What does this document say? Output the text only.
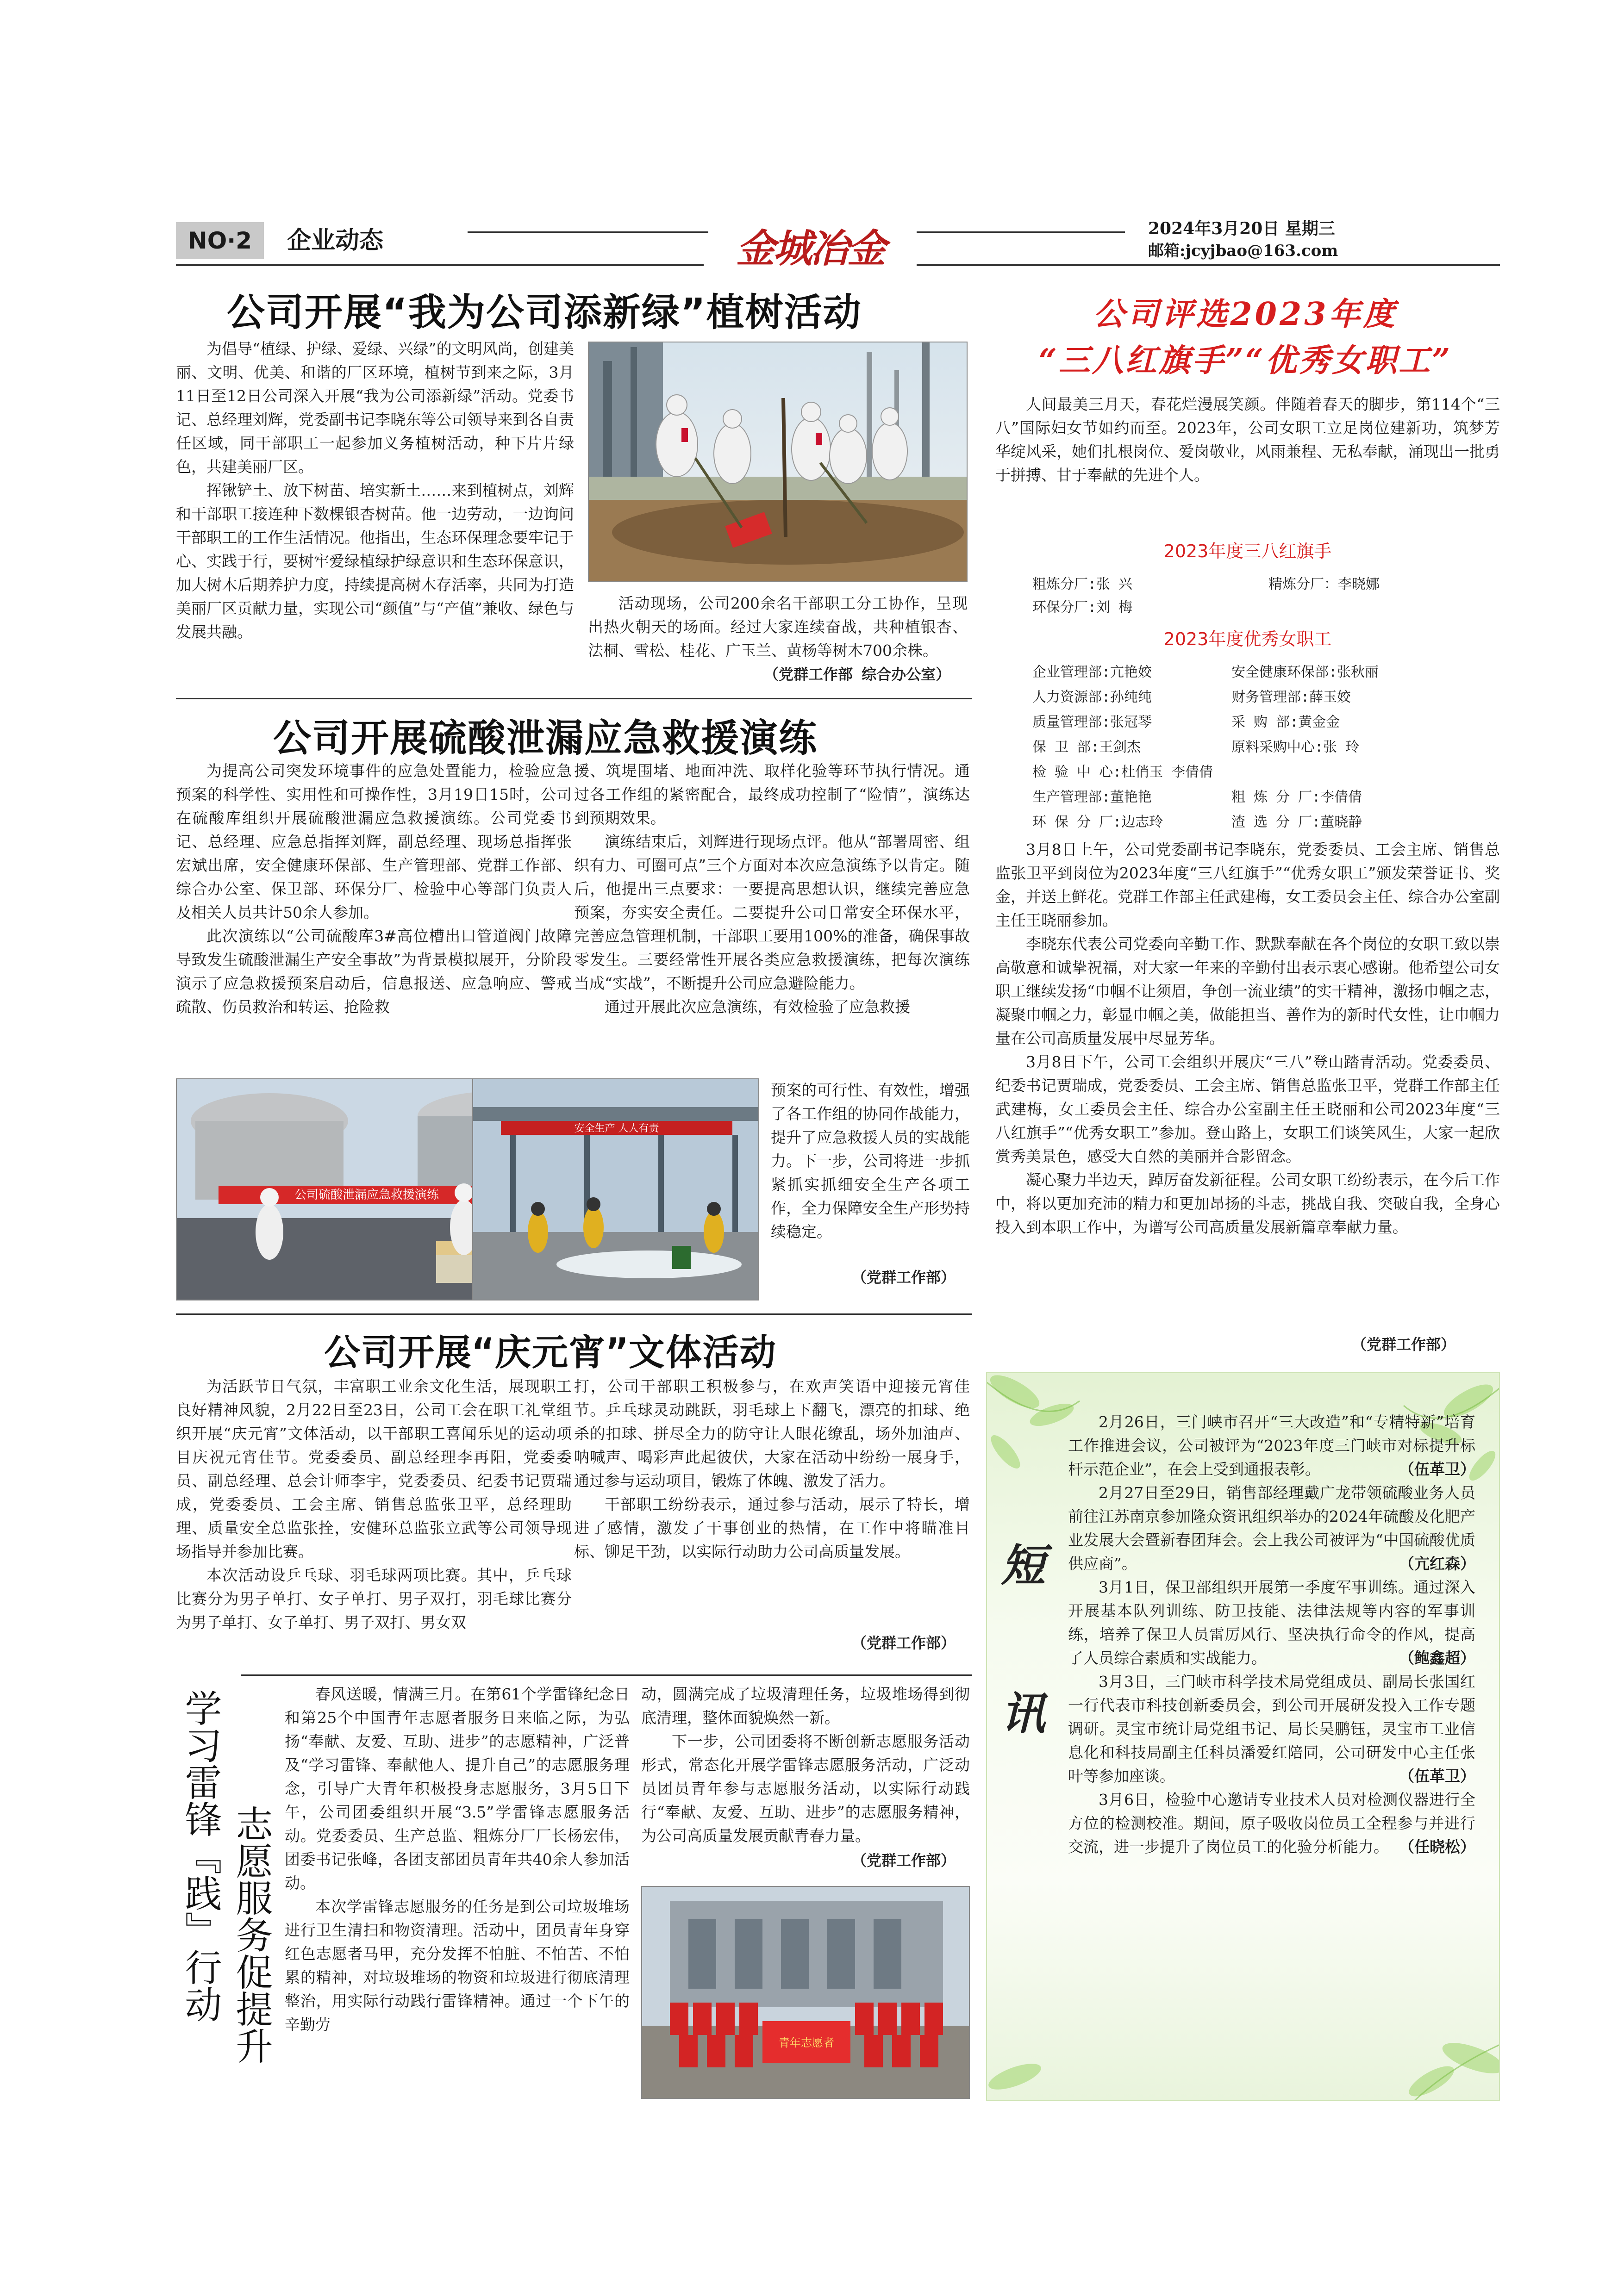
NO·2	企业动态	金城冶金	2024年3月20日 星期三
邮箱:jcyjbao@163.com
公司开展“我为公司添新绿”植树活动

为倡导“植绿、护绿、爱绿、兴绿”的文明风尚，创建美丽、文明、优美、和谐的厂区环境，植树节到来之际，3月11日至12日公司深入开展“我为公司添新绿”活动。党委书记、总经理刘辉，党委副书记李晓东等公司领导来到各自责任区域，同干部职工一起参加义务植树活动，种下片片绿色，共建美丽厂区。

挥锹铲土、放下树苗、培实新土……来到植树点，刘辉和干部职工接连种下数棵银杏树苗。他一边劳动，一边询问干部职工的工作生活情况。他指出，生态环保理念要牢记于心、实践于行，要树牢爱绿植绿护绿意识和生态环保意识，加大树木后期养护力度，持续提高树木存活率，共同为打造美丽厂区贡献力量，实现公司“颜值”与“产值”兼收、绿色与发展共融。

活动现场，公司200余名干部职工分工协作，呈现出热火朝天的场面。经过大家连续奋战，共种植银杏、法桐、雪松、桂花、广玉兰、黄杨等树木700余株。

（党群工作部 综合办公室）
公司开展硫酸泄漏应急救援演练

为提高公司突发环境事件的应急处置能力，检验应急预案的科学性、实用性和可操作性，3月19日15时，公司在硫酸库组织开展硫酸泄漏应急救援演练。公司党委书记、总经理、应急总指挥刘辉，副总经理、现场总指挥张宏斌出席，安全健康环保部、生产管理部、党群工作部、综合办公室、保卫部、环保分厂、检验中心等部门负责人及相关人员共计50余人参加。

此次演练以“公司硫酸库3#高位槽出口管道阀门故障导致发生硫酸泄漏生产安全事故”为背景模拟展开，分阶段演示了应急救援预案启动后，信息报送、应急响应、警戒疏散、伤员救治和转运、抢险救

援、筑堤围堵、地面冲洗、取样化验等环节执行情况。通过各工作组的紧密配合，最终成功控制了“险情”，演练达到预期效果。

演练结束后，刘辉进行现场点评。他从“部署周密、组织有力、可圈可点”三个方面对本次应急演练予以肯定。随后，他提出三点要求：一要提高思想认识，继续完善应急预案，夯实安全责任。二要提升公司日常安全环保水平，完善应急管理机制，干部职工要用100%的准备，确保事故零发生。三要经常性开展各类应急救援演练，把每次演练当成“实战”，不断提升公司应急避险能力。

通过开展此次应急演练，有效检验了应急救援

公司硫酸泄漏应急救援演练
安全生产 人人有责

预案的可行性、有效性，增强了各工作组的协同作战能力，提升了应急救援人员的实战能力。下一步，公司将进一步抓紧抓实抓细安全生产各项工作，全力保障安全生产形势持续稳定。

（党群工作部）
公司开展“庆元宵”文体活动

为活跃节日气氛，丰富职工业余文化生活，展现职工良好精神风貌，2月22日至23日，公司工会在职工礼堂组织开展“庆元宵”文体活动，以干部职工喜闻乐见的运动项目庆祝元宵佳节。党委委员、副总经理李再阳，党委委员、副总经理、总会计师李宇，党委委员、纪委书记贾瑞成，党委委员、工会主席、销售总监张卫平，总经理助理、质量安全总监张拴，安健环总监张立武等公司领导现场指导并参加比赛。

本次活动设乒乓球、羽毛球两项比赛。其中，乒乓球比赛分为男子单打、女子单打、男子双打，羽毛球比赛分为男子单打、女子单打、男子双打、男女双

打，公司干部职工积极参与，在欢声笑语中迎接元宵佳节。乒乓球灵动跳跃，羽毛球上下翻飞，漂亮的扣球、绝杀的扣球、拼尽全力的防守让人眼花缭乱，场外加油声、呐喊声、喝彩声此起彼伏，大家在活动中纷纷一展身手，通过参与运动项目，锻炼了体魄、激发了活力。

干部职工纷纷表示，通过参与活动，展示了特长，增进了感情，激发了干事创业的热情，在工作中将瞄准目标、铆足干劲，以实际行动助力公司高质量发展。

（党群工作部）
学习雷锋『践』行动 志愿服务促提升

春风送暖，情满三月。在第61个学雷锋纪念日和第25个中国青年志愿者服务日来临之际，为弘扬“奉献、友爱、互助、进步”的志愿精神，广泛普及“学习雷锋、奉献他人、提升自己”的志愿服务理念，引导广大青年积极投身志愿服务，3月5日下午，公司团委组织开展“3.5”学雷锋志愿服务活动。党委委员、生产总监、粗炼分厂厂长杨宏伟，团委书记张峰，各团支部团员青年共40余人参加活动。

本次学雷锋志愿服务的任务是到公司垃圾堆场进行卫生清扫和物资清理。活动中，团员青年身穿红色志愿者马甲，充分发挥不怕脏、不怕苦、不怕累的精神，对垃圾堆场的物资和垃圾进行彻底清理整治，用实际行动践行雷锋精神。通过一个下午的辛勤劳

动，圆满完成了垃圾清理任务，垃圾堆场得到彻底清理，整体面貌焕然一新。

下一步，公司团委将不断创新志愿服务活动形式，常态化开展学雷锋志愿服务活动，广泛动员团员青年参与志愿服务活动，以实际行动践行“奉献、友爱、互助、进步”的志愿服务精神，为公司高质量发展贡献青春力量。

（党群工作部）
青年志愿者
公司评选2023年度
“三八红旗手”“优秀女职工”

人间最美三月天，春花烂漫展笑颜。伴随着春天的脚步，第114个“三八”国际妇女节如约而至。2023年，公司女职工立足岗位建新功，筑梦芳华绽风采，她们扎根岗位、爱岗敬业，风雨兼程、无私奉献，涌现出一批勇于拼搏、甘于奉献的先进个人。

2023年度三八红旗手
粗炼分厂:张 兴	精炼分厂：李晓娜
环保分厂:刘 梅
2023年度优秀女职工
企业管理部:亢艳姣	安全健康环保部:张秋丽
人力资源部:孙纯纯	财务管理部:薛玉姣
质量管理部:张冠琴	采 购 部:黄金金
保 卫 部:王剑杰	原料采购中心:张 玲
检 验 中 心:杜俏玉 李倩倩
生产管理部:董艳艳	粗 炼 分 厂:李倩倩
环 保 分 厂:边志玲	渣 选 分 厂:董晓静

3月8日上午，公司党委副书记李晓东，党委委员、工会主席、销售总监张卫平到岗位为2023年度“三八红旗手”“优秀女职工”颁发荣誉证书、奖金，并送上鲜花。党群工作部主任武建梅，女工委员会主任、综合办公室副主任王晓丽参加。

李晓东代表公司党委向辛勤工作、默默奉献在各个岗位的女职工致以崇高敬意和诚挚祝福，对大家一年来的辛勤付出表示衷心感谢。他希望公司女职工继续发扬“巾帼不让须眉，争创一流业绩”的实干精神，激扬巾帼之志，凝聚巾帼之力，彰显巾帼之美，做能担当、善作为的新时代女性，让巾帼力量在公司高质量发展中尽显芳华。

3月8日下午，公司工会组织开展庆“三八”登山踏青活动。党委委员、纪委书记贾瑞成，党委委员、工会主席、销售总监张卫平，党群工作部主任武建梅，女工委员会主任、综合办公室副主任王晓丽和公司2023年度“三八红旗手”“优秀女职工”参加。登山路上，女职工们谈笑风生，大家一起欣赏秀美景色，感受大自然的美丽并合影留念。

凝心聚力半边天，踔厉奋发新征程。公司女职工纷纷表示，在今后工作中，将以更加充沛的精力和更加昂扬的斗志，挑战自我、突破自我，全身心投入到本职工作中，为谱写公司高质量发展新篇章奉献力量。

（党群工作部）
短
讯

2月26日，三门峡市召开“三大改造”和“专精特新”培育工作推进会议，公司被评为“2023年度三门峡市对标提升标杆示范企业”，在会上受到通报表彰。	（伍革卫）

2月27日至29日，销售部经理戴广龙带领硫酸业务人员前往江苏南京参加隆众资讯组织举办的2024年硫酸及化肥产业发展大会暨新春团拜会。会上我公司被评为“中国硫酸优质供应商”。	（亢红森）

3月1日，保卫部组织开展第一季度军事训练。通过深入开展基本队列训练、防卫技能、法律法规等内容的军事训练，培养了保卫人员雷厉风行、坚决执行命令的作风，提高了人员综合素质和实战能力。	（鲍鑫超）

3月3日，三门峡市科学技术局党组成员、副局长张国红一行代表市科技创新委员会，到公司开展研发投入工作专题调研。灵宝市统计局党组书记、局长吴鹏钰，灵宝市工业信息化和科技局副主任科员潘爱红陪同，公司研发中心主任张叶等参加座谈。	（伍革卫）

3月6日，检验中心邀请专业技术人员对检测仪器进行全方位的检测校准。期间，原子吸收岗位员工全程参与并进行交流，进一步提升了岗位员工的化验分析能力。 （任晓松）
